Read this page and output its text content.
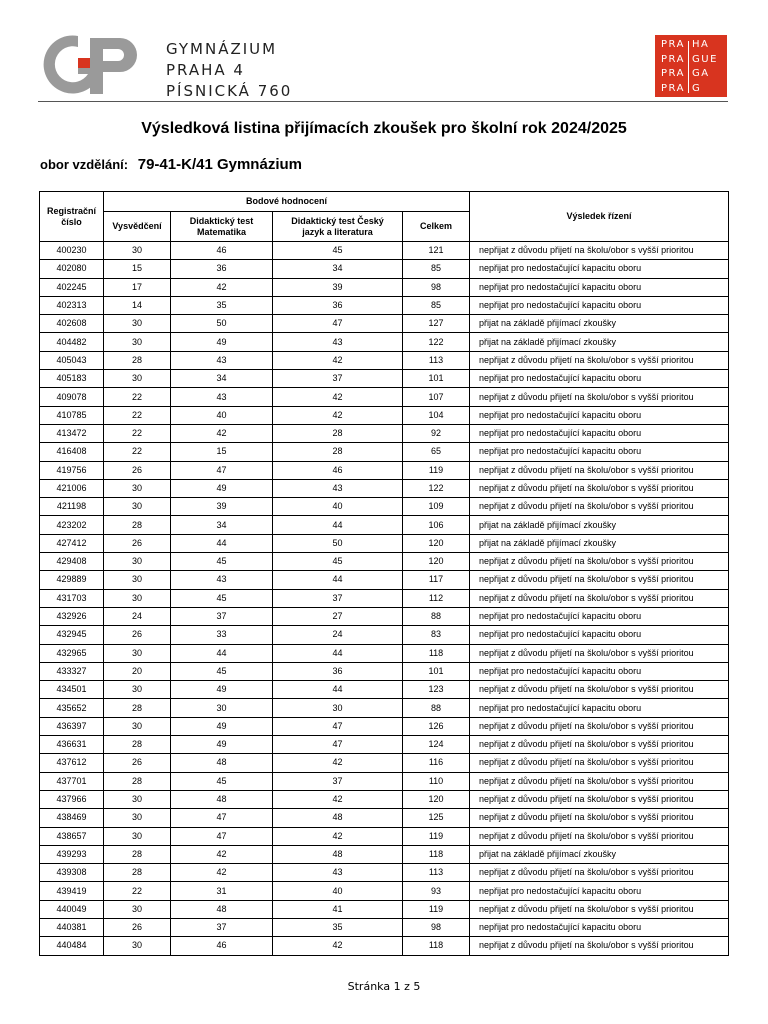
GYMNÁZIUM
PRAHA 4
PÍSNICKÁ 760
PRA
PRA
PRA
PRA
HA
GUE
GA
G
Výsledková listina přijímacích zkoušek pro školní rok 2024/2025
obor vzdělání: 79-41-K/41 Gymnázium
Registrační číslo	Bodové hodnocení				Výsledek řízení
	Vysvědčení	Didaktický test Matematika	Didaktický test Český jazyk a literatura	Celkem	
400230	30	46	45	121	nepřijat z důvodu přijetí na školu/obor s vyšší prioritou
402080	15	36	34	85	nepřijat pro nedostačující kapacitu oboru
402245	17	42	39	98	nepřijat pro nedostačující kapacitu oboru
402313	14	35	36	85	nepřijat pro nedostačující kapacitu oboru
402608	30	50	47	127	přijat na základě přijímací zkoušky
404482	30	49	43	122	přijat na základě přijímací zkoušky
405043	28	43	42	113	nepřijat z důvodu přijetí na školu/obor s vyšší prioritou
405183	30	34	37	101	nepřijat pro nedostačující kapacitu oboru
409078	22	43	42	107	nepřijat z důvodu přijetí na školu/obor s vyšší prioritou
410785	22	40	42	104	nepřijat pro nedostačující kapacitu oboru
413472	22	42	28	92	nepřijat pro nedostačující kapacitu oboru
416408	22	15	28	65	nepřijat pro nedostačující kapacitu oboru
419756	26	47	46	119	nepřijat z důvodu přijetí na školu/obor s vyšší prioritou
421006	30	49	43	122	nepřijat z důvodu přijetí na školu/obor s vyšší prioritou
421198	30	39	40	109	nepřijat z důvodu přijetí na školu/obor s vyšší prioritou
423202	28	34	44	106	přijat na základě přijímací zkoušky
427412	26	44	50	120	přijat na základě přijímací zkoušky
429408	30	45	45	120	nepřijat z důvodu přijetí na školu/obor s vyšší prioritou
429889	30	43	44	117	nepřijat z důvodu přijetí na školu/obor s vyšší prioritou
431703	30	45	37	112	nepřijat z důvodu přijetí na školu/obor s vyšší prioritou
432926	24	37	27	88	nepřijat pro nedostačující kapacitu oboru
432945	26	33	24	83	nepřijat pro nedostačující kapacitu oboru
432965	30	44	44	118	nepřijat z důvodu přijetí na školu/obor s vyšší prioritou
433327	20	45	36	101	nepřijat pro nedostačující kapacitu oboru
434501	30	49	44	123	nepřijat z důvodu přijetí na školu/obor s vyšší prioritou
435652	28	30	30	88	nepřijat pro nedostačující kapacitu oboru
436397	30	49	47	126	nepřijat z důvodu přijetí na školu/obor s vyšší prioritou
436631	28	49	47	124	nepřijat z důvodu přijetí na školu/obor s vyšší prioritou
437612	26	48	42	116	nepřijat z důvodu přijetí na školu/obor s vyšší prioritou
437701	28	45	37	110	nepřijat z důvodu přijetí na školu/obor s vyšší prioritou
437966	30	48	42	120	nepřijat z důvodu přijetí na školu/obor s vyšší prioritou
438469	30	47	48	125	nepřijat z důvodu přijetí na školu/obor s vyšší prioritou
438657	30	47	42	119	nepřijat z důvodu přijetí na školu/obor s vyšší prioritou
439293	28	42	48	118	přijat na základě přijímací zkoušky
439308	28	42	43	113	nepřijat z důvodu přijetí na školu/obor s vyšší prioritou
439419	22	31	40	93	nepřijat pro nedostačující kapacitu oboru
440049	30	48	41	119	nepřijat z důvodu přijetí na školu/obor s vyšší prioritou
440381	26	37	35	98	nepřijat pro nedostačující kapacitu oboru
440484	30	46	42	118	nepřijat z důvodu přijetí na školu/obor s vyšší prioritou
Stránka 1 z 5
